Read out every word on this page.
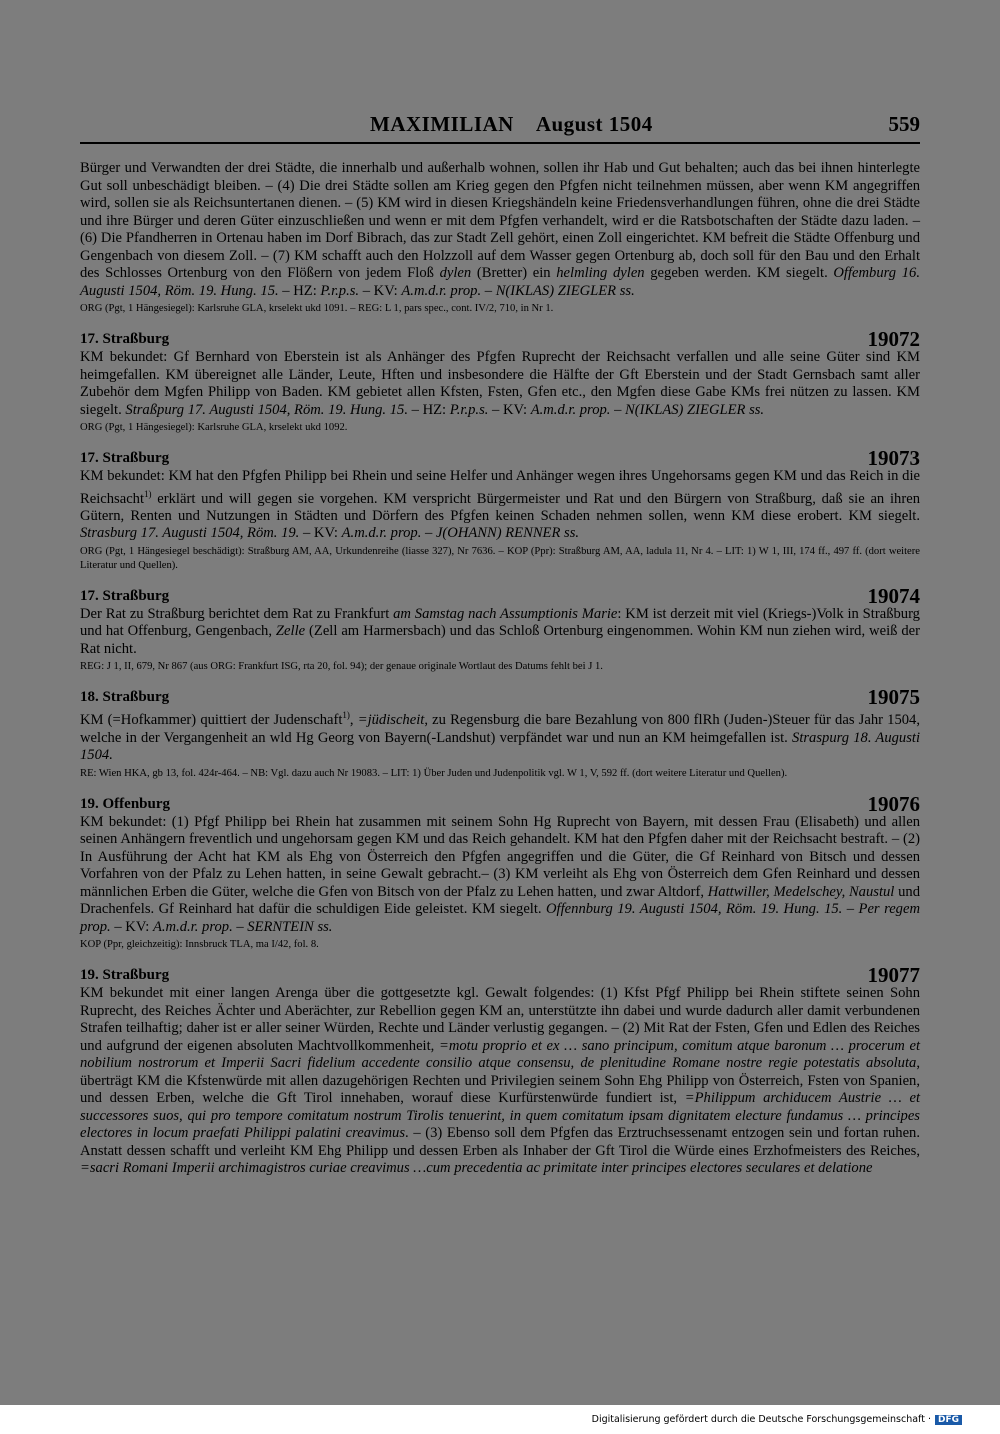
MAXIMILIAN August 1504	559

Bürger und Verwandten der drei Städte, die innerhalb und außerhalb wohnen, sollen ihr Hab und Gut behalten; auch das bei ihnen hinterlegte Gut soll unbeschädigt bleiben. – (4) Die drei Städte sollen am Krieg gegen den Pfgfen nicht teilnehmen müssen, aber wenn KM angegriffen wird, sollen sie als Reichsuntertanen dienen. – (5) KM wird in diesen Kriegshändeln keine Friedensverhandlungen führen, ohne die drei Städte und ihre Bürger und deren Güter einzuschließen und wenn er mit dem Pfgfen verhandelt, wird er die Ratsbotschaften der Städte dazu laden. – (6) Die Pfandherren in Ortenau haben im Dorf Bibrach, das zur Stadt Zell gehört, einen Zoll eingerichtet. KM befreit die Städte Offenburg und Gengenbach von diesem Zoll. – (7) KM schafft auch den Holzzoll auf dem Wasser gegen Ortenburg ab, doch soll für den Bau und den Erhalt des Schlosses Ortenburg von den Flößern von jedem Floß dylen (Bretter) ein helmling dylen gegeben werden. KM siegelt. Offemburg 16. Augusti 1504, Röm. 19. Hung. 15. – HZ: P.r.p.s. – KV: A.m.d.r. prop. – N(IKLAS) ZIEGLER ss.

ORG (Pgt, 1 Hängesiegel): Karlsruhe GLA, krselekt ukd 1091. – REG: L 1, pars spec., cont. IV/2, 710, in Nr 1.

17. Straßburg	19072

KM bekundet: Gf Bernhard von Eberstein ist als Anhänger des Pfgfen Ruprecht der Reichsacht verfallen und alle seine Güter sind KM heimgefallen. KM übereignet alle Länder, Leute, Hften und insbesondere die Hälfte der Gft Eberstein und der Stadt Gernsbach samt aller Zubehör dem Mgfen Philipp von Baden. KM gebietet allen Kfsten, Fsten, Gfen etc., den Mgfen diese Gabe KMs frei nützen zu lassen. KM siegelt. Straßpurg 17. Augusti 1504, Röm. 19. Hung. 15. – HZ: P.r.p.s. – KV: A.m.d.r. prop. – N(IKLAS) ZIEGLER ss.

ORG (Pgt, 1 Hängesiegel): Karlsruhe GLA, krselekt ukd 1092.

17. Straßburg	19073

KM bekundet: KM hat den Pfgfen Philipp bei Rhein und seine Helfer und Anhänger wegen ihres Ungehorsams gegen KM und das Reich in die Reichsacht$^{1)}$ erklärt und will gegen sie vorgehen. KM verspricht Bürgermeister und Rat und den Bürgern von Straßburg, daß sie an ihren Gütern, Renten und Nutzungen in Städten und Dörfern des Pfgfen keinen Schaden nehmen sollen, wenn KM diese erobert. KM siegelt. Strasburg 17. Augusti 1504, Röm. 19. – KV: A.m.d.r. prop. – J(OHANN) RENNER ss.

ORG (Pgt, 1 Hängesiegel beschädigt): Straßburg AM, AA, Urkundenreihe (liasse 327), Nr 7636. – KOP (Ppr): Straßburg AM, AA, ladula 11, Nr 4. – LIT: 1) W 1, III, 174 ff., 497 ff. (dort weitere Literatur und Quellen).

17. Straßburg	19074

Der Rat zu Straßburg berichtet dem Rat zu Frankfurt am Samstag nach Assumptionis Marie: KM ist derzeit mit viel (Kriegs-)Volk in Straßburg und hat Offenburg, Gengenbach, Zelle (Zell am Harmersbach) und das Schloß Ortenburg eingenommen. Wohin KM nun ziehen wird, weiß der Rat nicht.

REG: J 1, II, 679, Nr 867 (aus ORG: Frankfurt ISG, rta 20, fol. 94); der genaue originale Wortlaut des Datums fehlt bei J 1.

18. Straßburg	19075

KM (=Hofkammer) quittiert der Judenschaft$^{1)}$, =jüdischeit, zu Regensburg die bare Bezahlung von 800 flRh (Juden-)Steuer für das Jahr 1504, welche in der Vergangenheit an wld Hg Georg von Bayern(-Landshut) verpfändet war und nun an KM heimgefallen ist. Straspurg 18. Augusti 1504.

RE: Wien HKA, gb 13, fol. 424r-464. – NB: Vgl. dazu auch Nr 19083. – LIT: 1) Über Juden und Judenpolitik vgl. W 1, V, 592 ff. (dort weitere Literatur und Quellen).

19. Offenburg	19076

KM bekundet: (1) Pfgf Philipp bei Rhein hat zusammen mit seinem Sohn Hg Ruprecht von Bayern, mit dessen Frau (Elisabeth) und allen seinen Anhängern freventlich und ungehorsam gegen KM und das Reich gehandelt. KM hat den Pfgfen daher mit der Reichsacht bestraft. – (2) In Ausführung der Acht hat KM als Ehg von Österreich den Pfgfen angegriffen und die Güter, die Gf Reinhard von Bitsch und dessen Vorfahren von der Pfalz zu Lehen hatten, in seine Gewalt gebracht.– (3) KM verleiht als Ehg von Österreich dem Gfen Reinhard und dessen männlichen Erben die Güter, welche die Gfen von Bitsch von der Pfalz zu Lehen hatten, und zwar Altdorf, Hattwiller, Medelschey, Naustul und Drachenfels. Gf Reinhard hat dafür die schuldigen Eide geleistet. KM siegelt. Offennburg 19. Augusti 1504, Röm. 19. Hung. 15. – Per regem prop. – KV: A.m.d.r. prop. – SERNTEIN ss.

KOP (Ppr, gleichzeitig): Innsbruck TLA, ma I/42, fol. 8.

19. Straßburg	19077

KM bekundet mit einer langen Arenga über die gottgesetzte kgl. Gewalt folgendes: (1) Kfst Pfgf Philipp bei Rhein stiftete seinen Sohn Ruprecht, des Reiches Ächter und Aberächter, zur Rebellion gegen KM an, unterstützte ihn dabei und wurde dadurch aller damit verbundenen Strafen teilhaftig; daher ist er aller seiner Würden, Rechte und Länder verlustig gegangen. – (2) Mit Rat der Fsten, Gfen und Edlen des Reiches und aufgrund der eigenen absoluten Machtvollkommenheit, =motu proprio et ex … sano principum, comitum atque baronum … procerum et nobilium nostrorum et Imperii Sacri fidelium accedente consilio atque consensu, de plenitudine Romane nostre regie potestatis absoluta, überträgt KM die Kfstenwürde mit allen dazugehörigen Rechten und Privilegien seinem Sohn Ehg Philipp von Österreich, Fsten von Spanien, und dessen Erben, welche die Gft Tirol innehaben, worauf diese Kurfürstenwürde fundiert ist, =Philippum archiducem Austrie … et successores suos, qui pro tempore comitatum nostrum Tirolis tenuerint, in quem comitatum ipsam dignitatem electure fundamus … principes electores in locum praefati Philippi palatini creavimus. – (3) Ebenso soll dem Pfgfen das Erztruchsessenamt entzogen sein und fortan ruhen. Anstatt dessen schafft und verleiht KM Ehg Philipp und dessen Erben als Inhaber der Gft Tirol die Würde eines Erzhofmeisters des Reiches, =sacri Romani Imperii archimagistros curiae creavimus …cum precedentia ac primitate inter principes electores seculares et delatione

Digitalisierung gefördert durch die Deutsche Forschungsgemeinschaft · DFG
